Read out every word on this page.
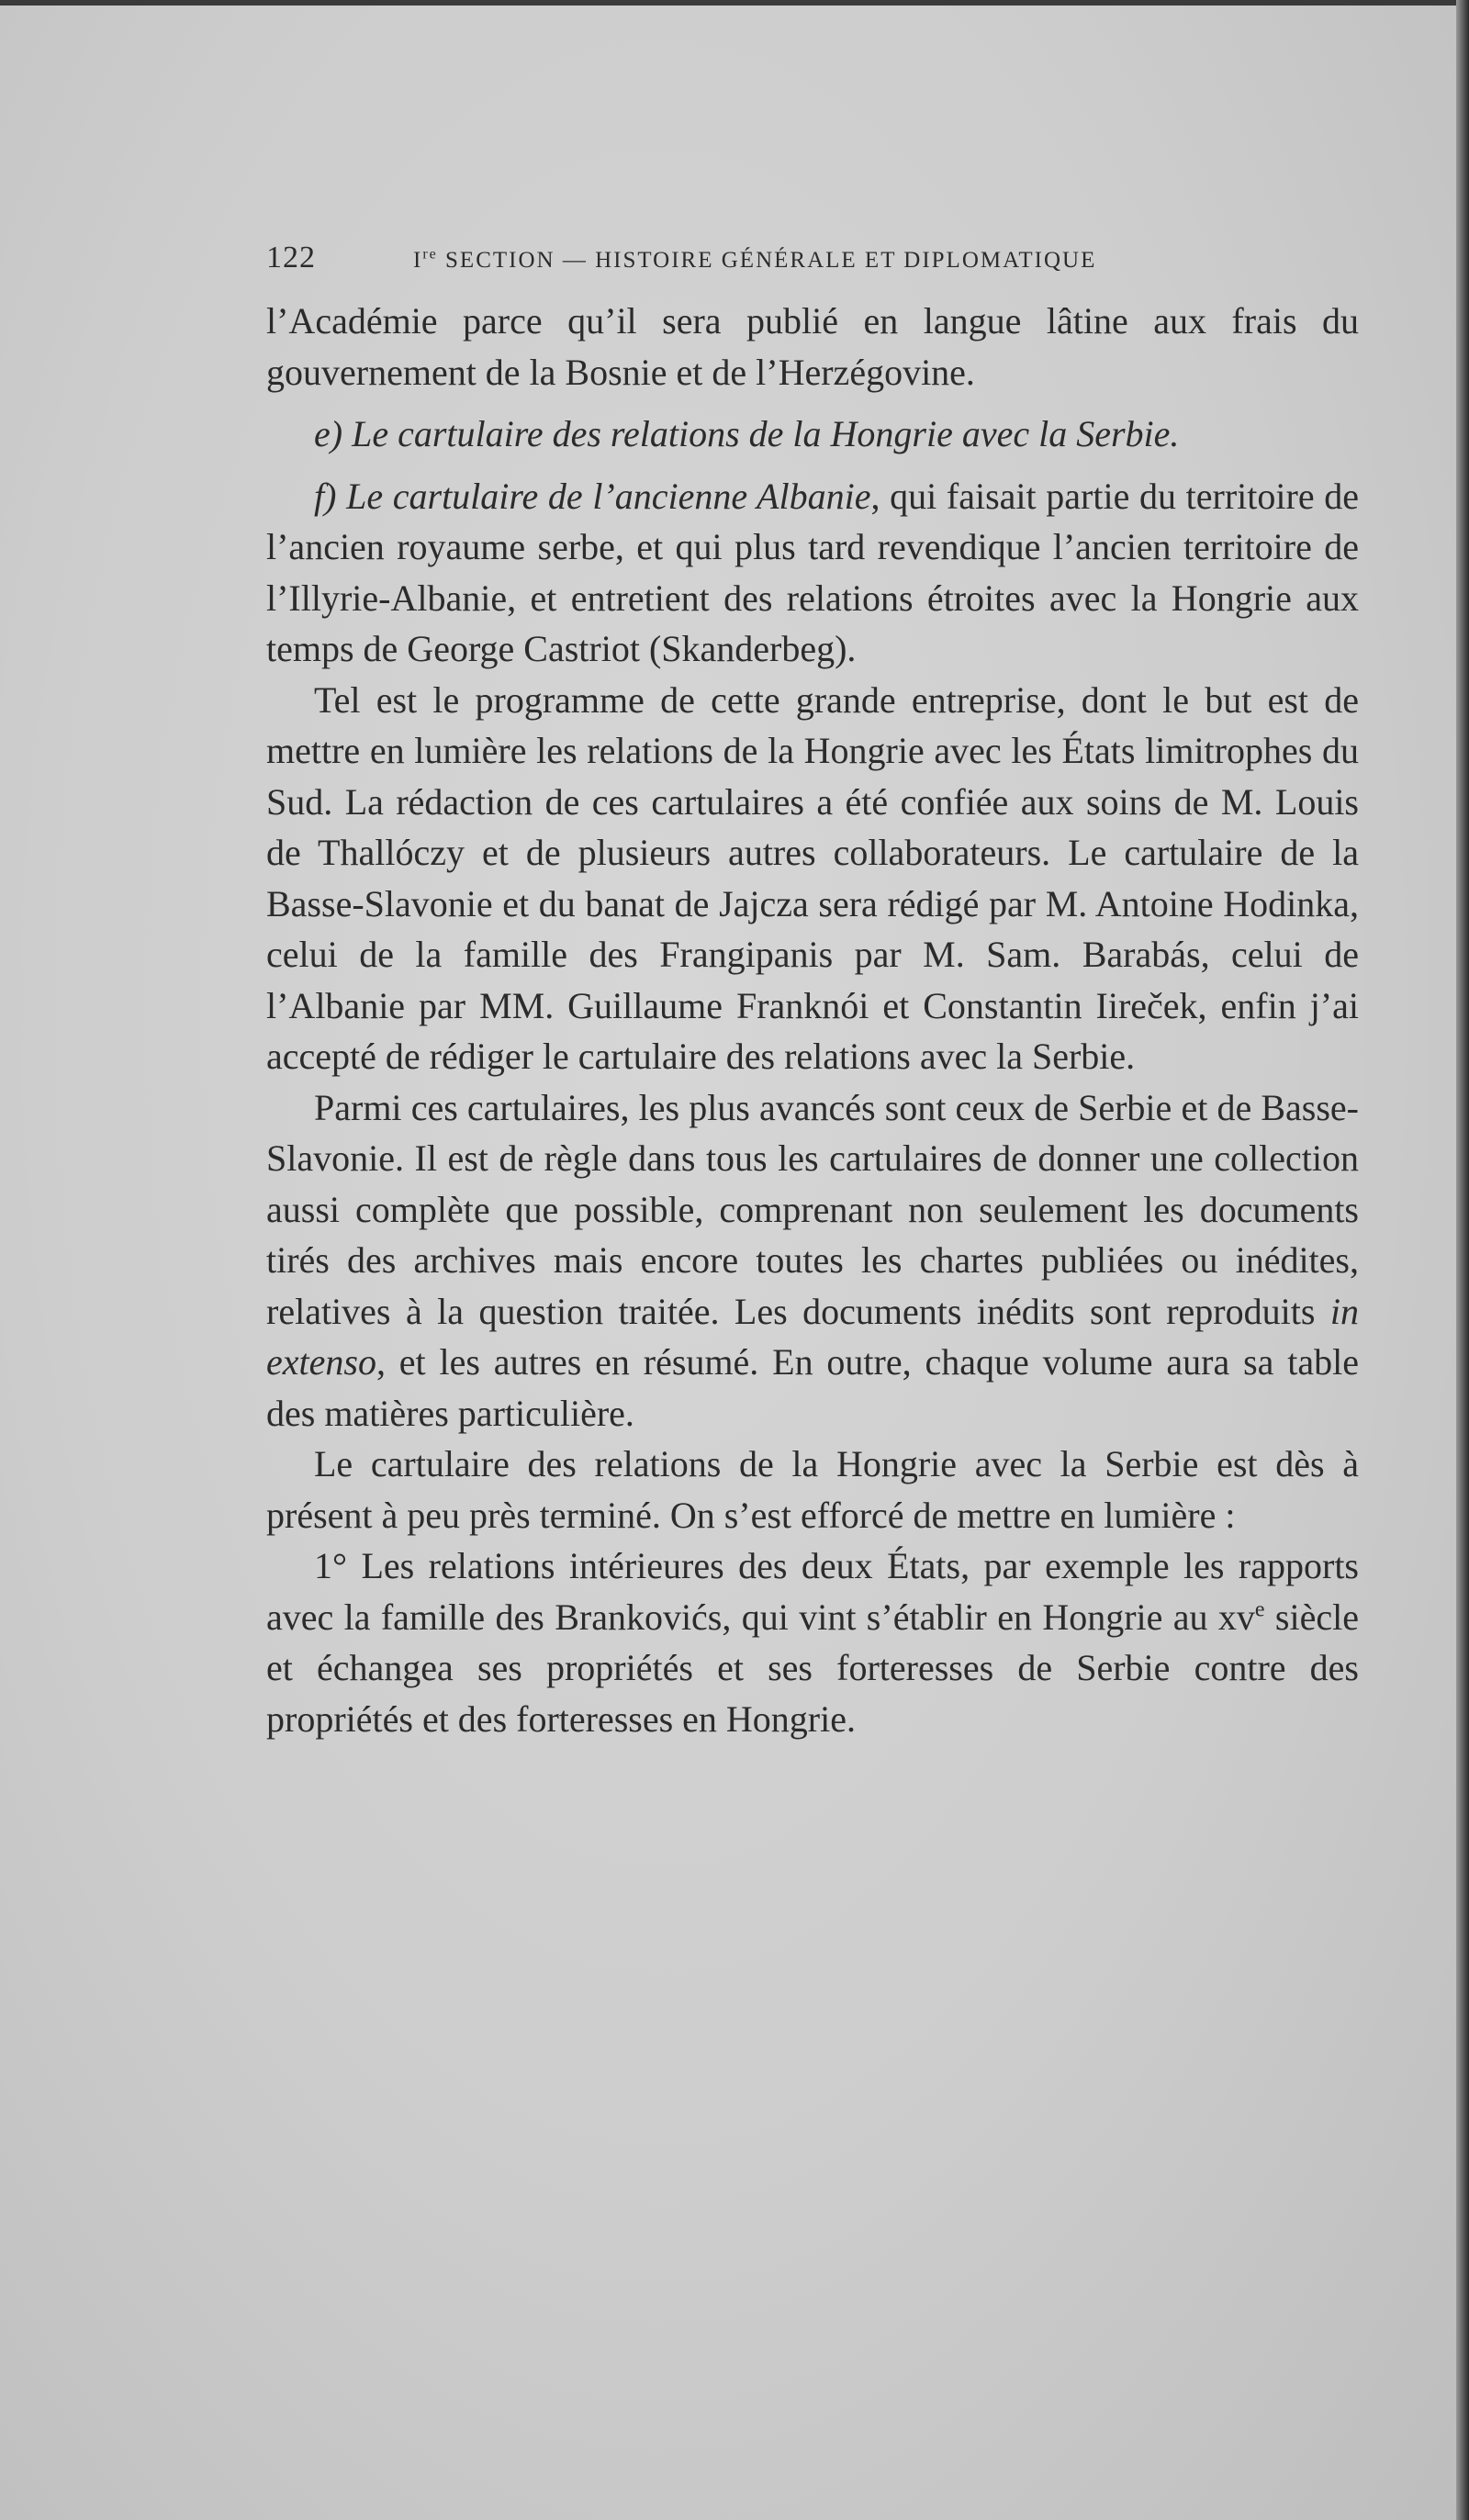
122	Ire SECTION — HISTOIRE GÉNÉRALE ET DIPLOMATIQUE

l’Académie parce qu’il sera publié en langue lâtine aux frais du gouvernement de la Bosnie et de l’Herzégovine.

e) Le cartulaire des relations de la Hongrie avec la Serbie.

f) Le cartulaire de l’ancienne Albanie, qui faisait partie du territoire de l’ancien royaume serbe, et qui plus tard revendique l’ancien territoire de l’Illyrie-Albanie, et entretient des relations étroites avec la Hongrie aux temps de George Castriot (Skanderbeg).

Tel est le programme de cette grande entreprise, dont le but est de mettre en lumière les relations de la Hongrie avec les États limitrophes du Sud. La rédaction de ces cartulaires a été confiée aux soins de M. Louis de Thallóczy et de plusieurs autres collaborateurs. Le cartulaire de la Basse-Slavonie et du banat de Jajcza sera rédigé par M. Antoine Hodinka, celui de la famille des Frangipanis par M. Sam. Barabás, celui de l’Albanie par MM. Guillaume Franknói et Constantin Iireček, enfin j’ai accepté de rédiger le cartulaire des relations avec la Serbie.

Parmi ces cartulaires, les plus avancés sont ceux de Serbie et de Basse-Slavonie. Il est de règle dans tous les cartulaires de donner une collection aussi complète que possible, comprenant non seulement les documents tirés des archives mais encore toutes les chartes publiées ou inédites, relatives à la question traitée. Les documents inédits sont reproduits in extenso, et les autres en résumé. En outre, chaque volume aura sa table des matières particulière.

Le cartulaire des relations de la Hongrie avec la Serbie est dès à présent à peu près terminé. On s’est efforcé de mettre en lumière :

1° Les relations intérieures des deux États, par exemple les rapports avec la famille des Brankovićs, qui vint s’établir en Hongrie au $xv^e$ siècle et échangea ses propriétés et ses forteresses de Serbie contre des propriétés et des forteresses en Hongrie.
